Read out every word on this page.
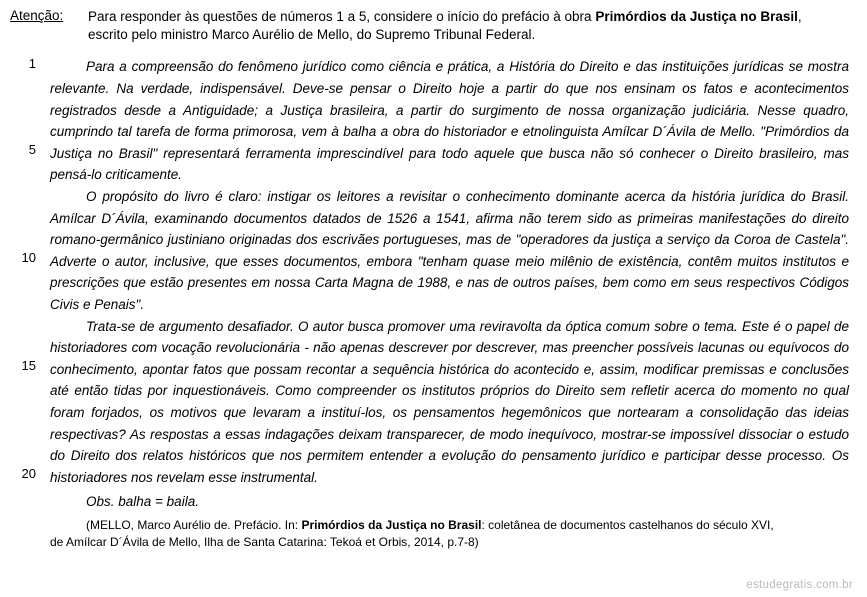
Atenção:	Para responder às questões de números 1 a 5, considere o início do prefácio à obra Primórdios da Justiça no Brasil,
escrito pelo ministro Marco Aurélio de Mello, do Supremo Tribunal Federal.
1
5
10
15
20

Para a compreensão do fenômeno jurídico como ciência e prática, a História do Direito e das instituições jurídicas se mostra relevante. Na verdade, indispensável. Deve-se pensar o Direito hoje a partir do que nos ensinam os fatos e acontecimentos registrados desde a Antiguidade; a Justiça brasileira, a partir do surgimento de nossa organização judiciária. Nesse quadro, cumprindo tal tarefa de forma primorosa, vem à balha a obra do historiador e etnolinguista Amílcar D´Ávila de Mello. "Primórdios da Justiça no Brasil" representará ferramenta imprescindível para todo aquele que busca não só conhecer o Direito brasileiro, mas pensá-lo criticamente.

O propósito do livro é claro: instigar os leitores a revisitar o conhecimento dominante acerca da história jurídica do Brasil. Amílcar D´Ávila, examinando documentos datados de 1526 a 1541, afirma não terem sido as primeiras manifestações do direito romano-germânico justiniano originadas dos escrivães portugueses, mas de "operadores da justiça a serviço da Coroa de Castela". Adverte o autor, inclusive, que esses documentos, embora "tenham quase meio milênio de existência, contêm muitos institutos e prescrições que estão presentes em nossa Carta Magna de 1988, e nas de outros países, bem como em seus respectivos Códigos Civis e Penais".

Trata-se de argumento desafiador. O autor busca promover uma reviravolta da óptica comum sobre o tema. Este é o papel de historiadores com vocação revolucionária - não apenas descrever por descrever, mas preencher possíveis lacunas ou equívocos do conhecimento, apontar fatos que possam recontar a sequência histórica do acontecido e, assim, modificar premissas e conclusões até então tidas por inquestionáveis. Como compreender os institutos próprios do Direito sem refletir acerca do momento no qual foram forjados, os motivos que levaram a instituí-los, os pensamentos hegemônicos que nortearam a consolidação das ideias respectivas? As respostas a essas indagações deixam transparecer, de modo inequívoco, mostrar-se impossível dissociar o estudo do Direito dos relatos históricos que nos permitem entender a evolução do pensamento jurídico e participar desse processo. Os historiadores nos revelam esse instrumental.

Obs. balha = baila.
(MELLO, Marco Aurélio de. Prefácio. In: Primórdios da Justiça no Brasil: coletânea de documentos castelhanos do século XVI,
de Amílcar D´Ávila de Mello, Ilha de Santa Catarina: Tekoá et Orbis, 2014, p.7-8)
estudegratis.com.br
